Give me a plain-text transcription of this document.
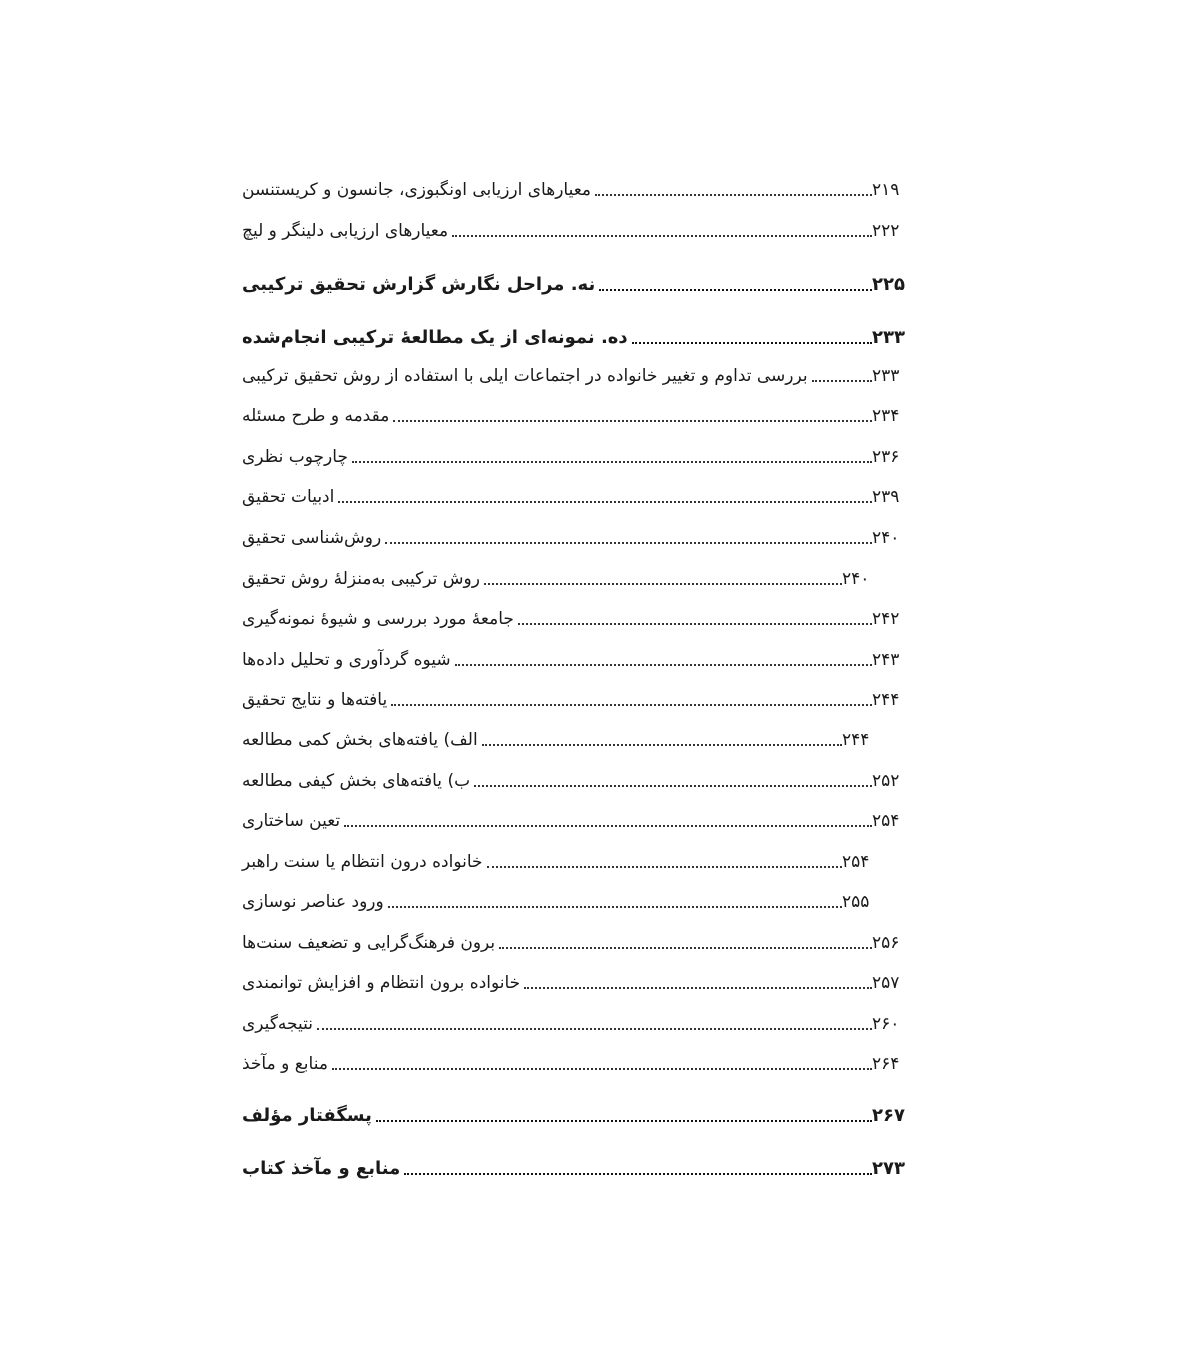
معیارهای ارزیابی اونگبوزی، جانسون و کریستنسن	۲۱۹
معیارهای ارزیابی دلینگر و لیچ	۲۲۲
نه. مراحل نگارش گزارش تحقیق ترکیبی	۲۲۵
ده. نمونه‌ای از یک مطالعهٔ ترکیبی انجام‌شده	۲۳۳
بررسی تداوم و تغییر خانواده در اجتماعات ایلی با استفاده از روش تحقیق ترکیبی	۲۳۳
مقدمه و طرح مسئله	۲۳۴
چارچوب نظری	۲۳۶
ادبیات تحقیق	۲۳۹
روش‌شناسی تحقیق	۲۴۰
روش ترکیبی به‌منزلهٔ روش تحقیق	۲۴۰
جامعهٔ مورد بررسی و شیوهٔ نمونه‌گیری	۲۴۲
شیوه گردآوری و تحلیل داده‌ها	۲۴۳
یافته‌ها و نتایج تحقیق	۲۴۴
الف) یافته‌های بخش کمی مطالعه	۲۴۴
ب) یافته‌های بخش کیفی مطالعه	۲۵۲
تعین ساختاری	۲۵۴
خانواده درون انتظام یا سنت راهبر	۲۵۴
ورود عناصر نوسازی	۲۵۵
برون فرهنگ‌گرایی و تضعیف سنت‌ها	۲۵۶
خانواده برون انتظام و افزایش توانمندی	۲۵۷
نتیجه‌گیری	۲۶۰
منابع و مآخذ	۲۶۴
پسگفتار مؤلف	۲۶۷
منابع و مآخذ کتاب	۲۷۳
